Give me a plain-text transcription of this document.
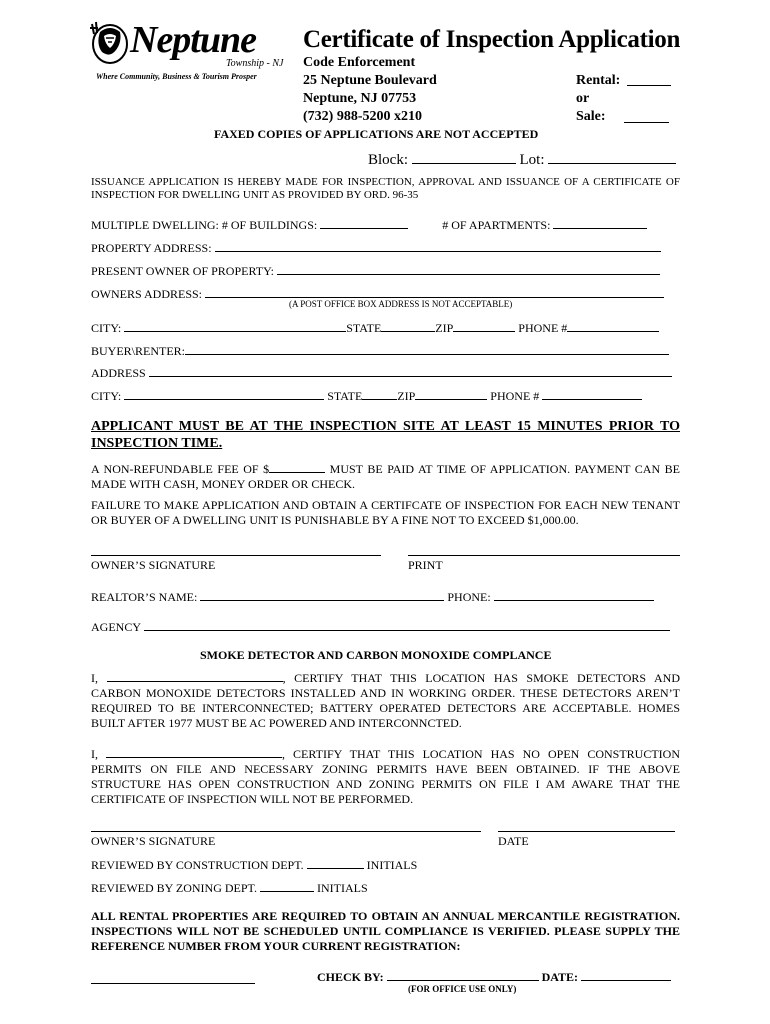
Neptune
Township - NJ
Where Community, Business & Tourism Prosper
Certificate of Inspection Application
Code Enforcement
25 Neptune Boulevard
Neptune, NJ 07753
(732) 988-5200 x210
Rental:
or
Sale:
FAXED COPIES OF APPLICATIONS ARE NOT ACCEPTED
Block:	Lot:
ISSUANCE APPLICATION IS HEREBY MADE FOR INSPECTION, APPROVAL AND ISSUANCE OF A CERTIFICATE OF INSPECTION FOR DWELLING UNIT AS PROVIDED BY ORD. 96-35
MULTIPLE DWELLING: # OF BUILDINGS:	# OF APARTMENTS:
PROPERTY ADDRESS:
PRESENT OWNER OF PROPERTY:
OWNERS ADDRESS:
(A POST OFFICE BOX ADDRESS IS NOT ACCEPTABLE)
CITY:	STATE	ZIP	PHONE #
BUYER\RENTER:
ADDRESS
CITY:	STATE	ZIP	PHONE #
APPLICANT MUST BE AT THE INSPECTION SITE AT LEAST 15 MINUTES PRIOR TO INSPECTION TIME.
A NON-REFUNDABLE FEE OF $	MUST BE PAID AT TIME OF APPLICATION. PAYMENT CAN BE MADE WITH CASH, MONEY ORDER OR CHECK.
FAILURE TO MAKE APPLICATION AND OBTAIN A CERTIFCATE OF INSPECTION FOR EACH NEW TENANT OR BUYER OF A DWELLING UNIT IS PUNISHABLE BY A FINE NOT TO EXCEED $1,000.00.
OWNER’S SIGNATURE	PRINT
REALTOR’S NAME:	PHONE:
AGENCY
SMOKE DETECTOR AND CARBON MONOXIDE COMPLANCE
I,	, CERTIFY THAT THIS LOCATION HAS SMOKE DETECTORS AND CARBON MONOXIDE DETECTORS INSTALLED AND IN WORKING ORDER. THESE DETECTORS AREN’T REQUIRED TO BE INTERCONNECTED; BATTERY OPERATED DETECTORS ARE ACCEPTABLE. HOMES BUILT AFTER 1977 MUST BE AC POWERED AND INTERCONNCTED.
I,	, CERTIFY THAT THIS LOCATION HAS NO OPEN CONSTRUCTION PERMITS ON FILE AND NECESSARY ZONING PERMITS HAVE BEEN OBTAINED. IF THE ABOVE STRUCTURE HAS OPEN CONSTRUCTION AND ZONING PERMITS ON FILE I AM AWARE THAT THE CERTIFICATE OF INSPECTION WILL NOT BE PERFORMED.
OWNER’S SIGNATURE	DATE
REVIEWED BY CONSTRUCTION DEPT.	INITIALS
REVIEWED BY ZONING DEPT.	INITIALS
ALL RENTAL PROPERTIES ARE REQUIRED TO OBTAIN AN ANNUAL MERCANTILE REGISTRATION. INSPECTIONS WILL NOT BE SCHEDULED UNTIL COMPLIANCE IS VERIFIED. PLEASE SUPPLY THE REFERENCE NUMBER FROM YOUR CURRENT REGISTRATION:
CHECK BY:	DATE:
(FOR OFFICE USE ONLY)
